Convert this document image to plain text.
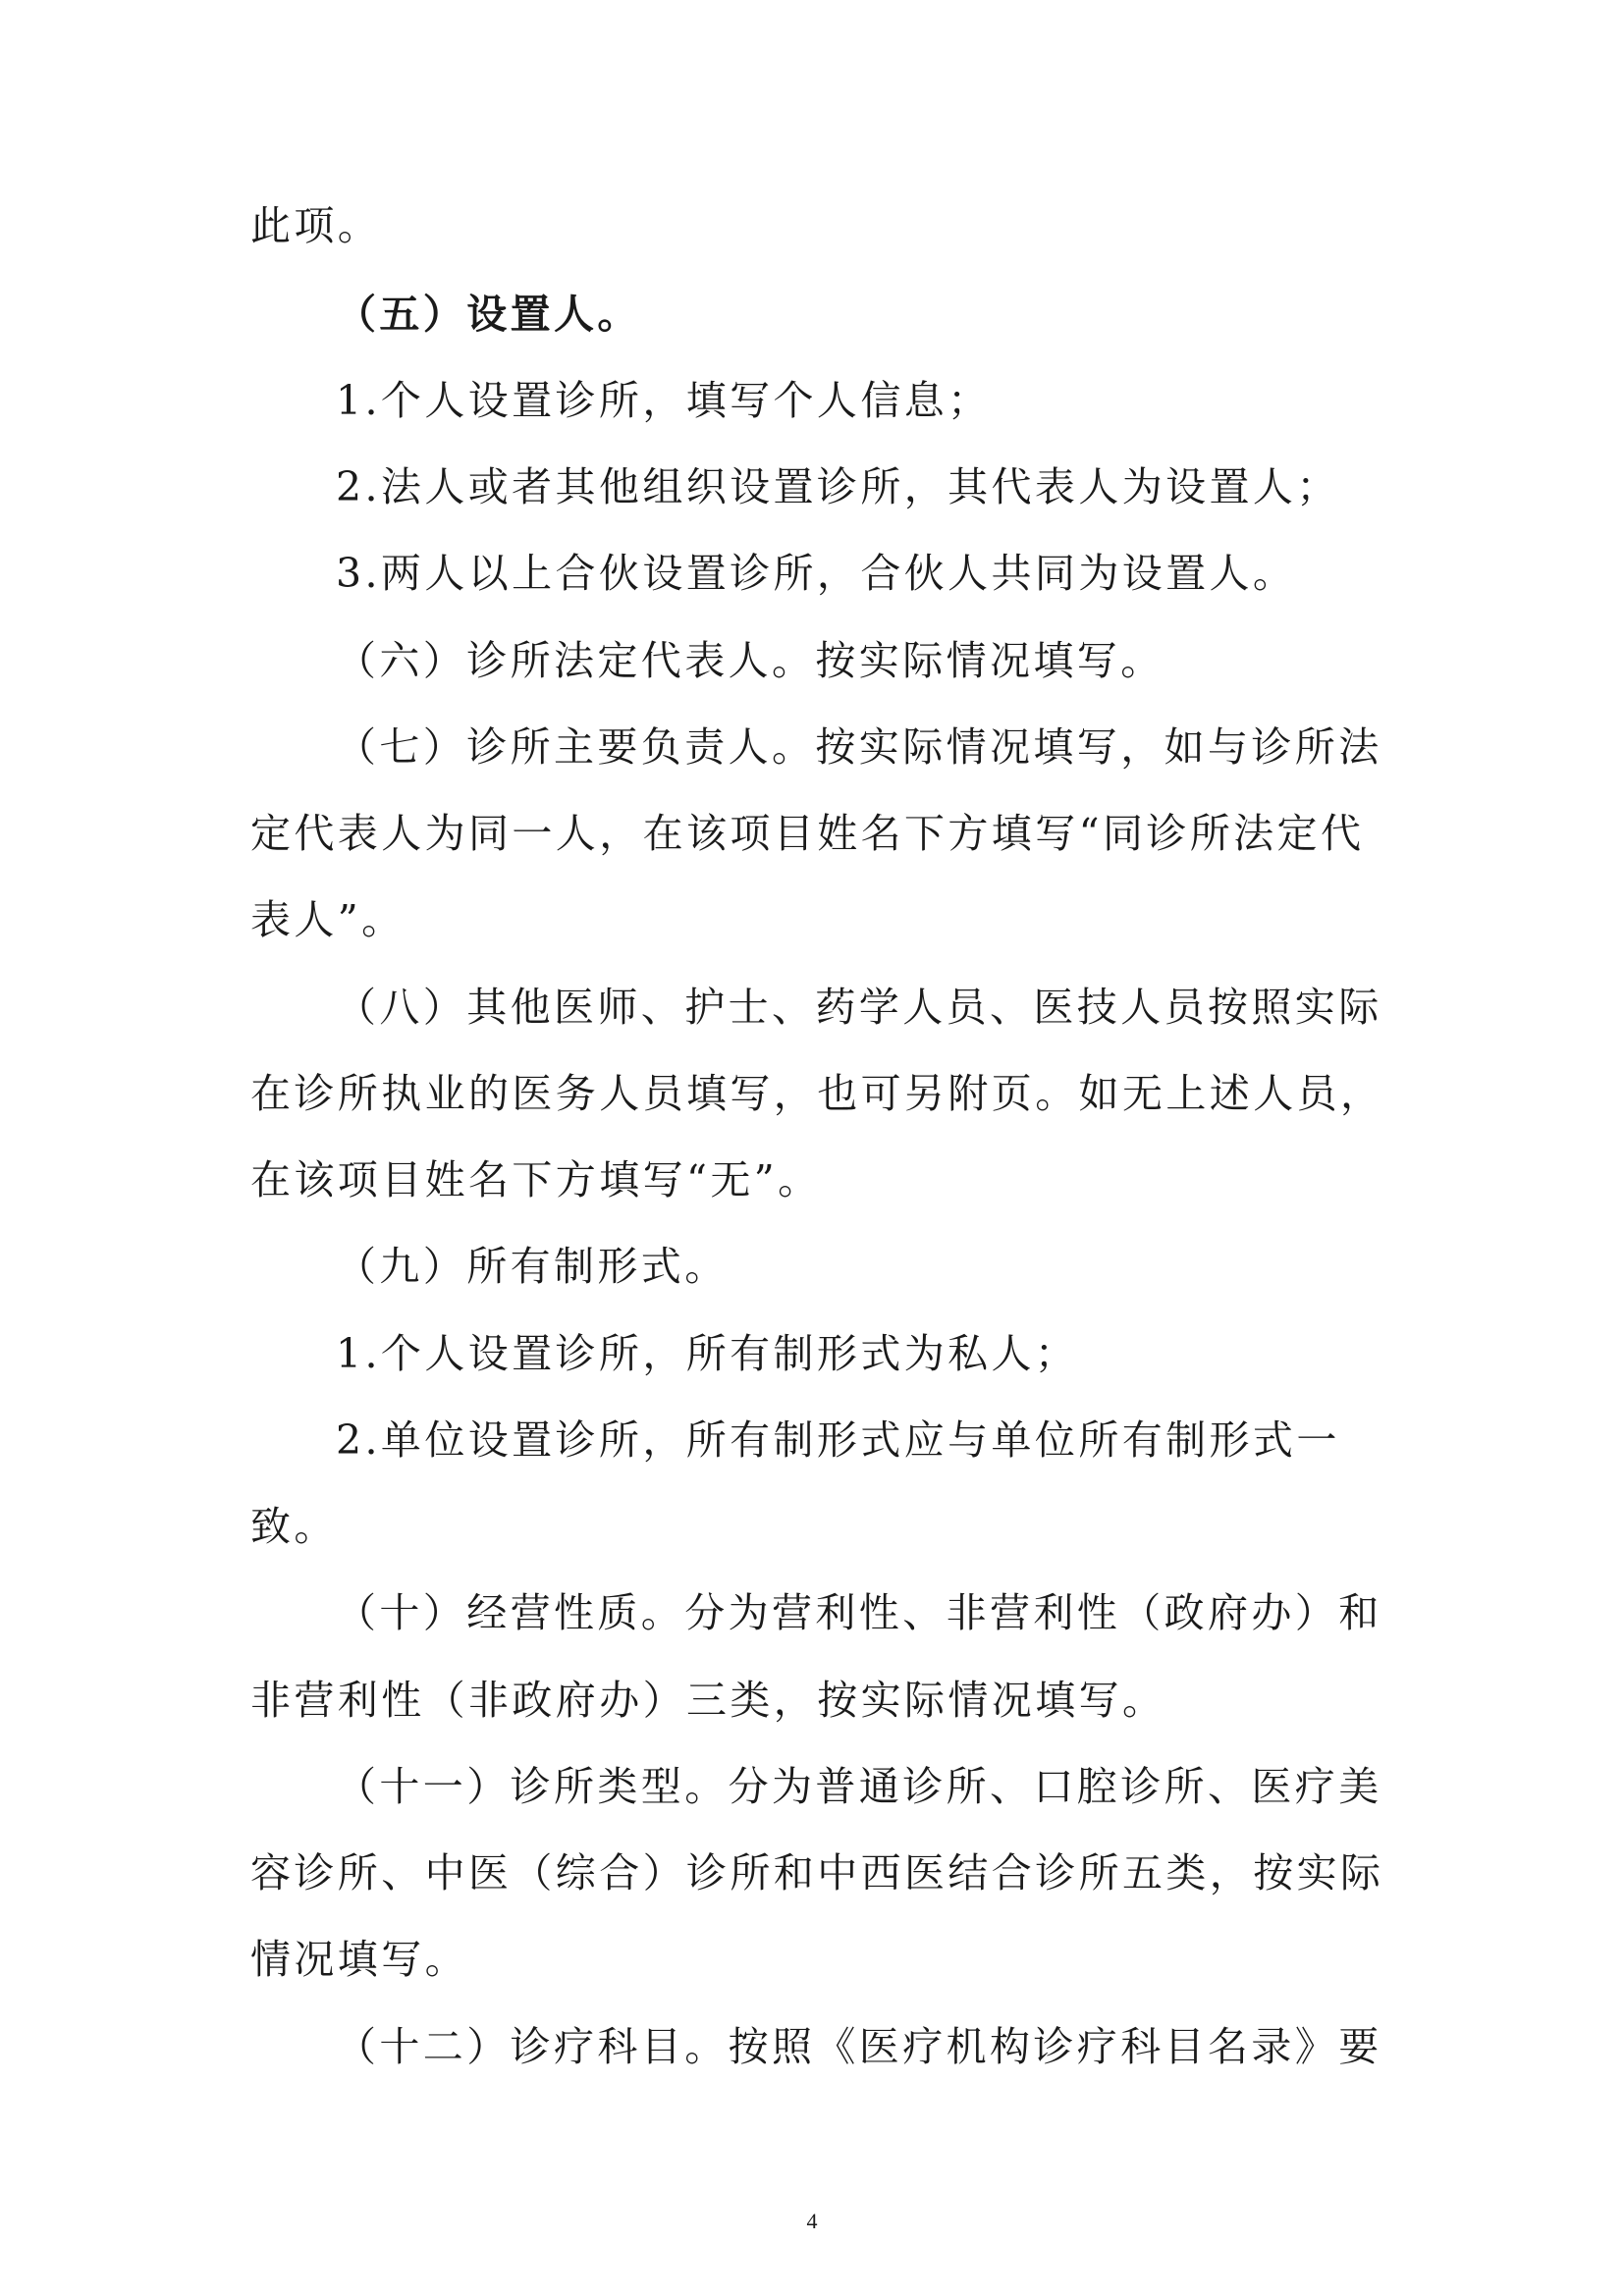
此项。

（五）设置人。

1.个人设置诊所，填写个人信息；

2.法人或者其他组织设置诊所，其代表人为设置人；

3.两人以上合伙设置诊所，合伙人共同为设置人。

（六）诊所法定代表人。按实际情况填写。

（七）诊所主要负责人。按实际情况填写，如与诊所法

定代表人为同一人，在该项目姓名下方填写“同诊所法定代

表人”。

（八）其他医师、护士、药学人员、医技人员按照实际

在诊所执业的医务人员填写，也可另附页。如无上述人员，

在该项目姓名下方填写“无”。

（九）所有制形式。

1.个人设置诊所，所有制形式为私人；

2.单位设置诊所，所有制形式应与单位所有制形式一

致。

（十）经营性质。分为营利性、非营利性（政府办）和

非营利性（非政府办）三类，按实际情况填写。

（十一）诊所类型。分为普通诊所、口腔诊所、医疗美

容诊所、中医（综合）诊所和中西医结合诊所五类，按实际

情况填写。

（十二）诊疗科目。按照《医疗机构诊疗科目名录》要

4
